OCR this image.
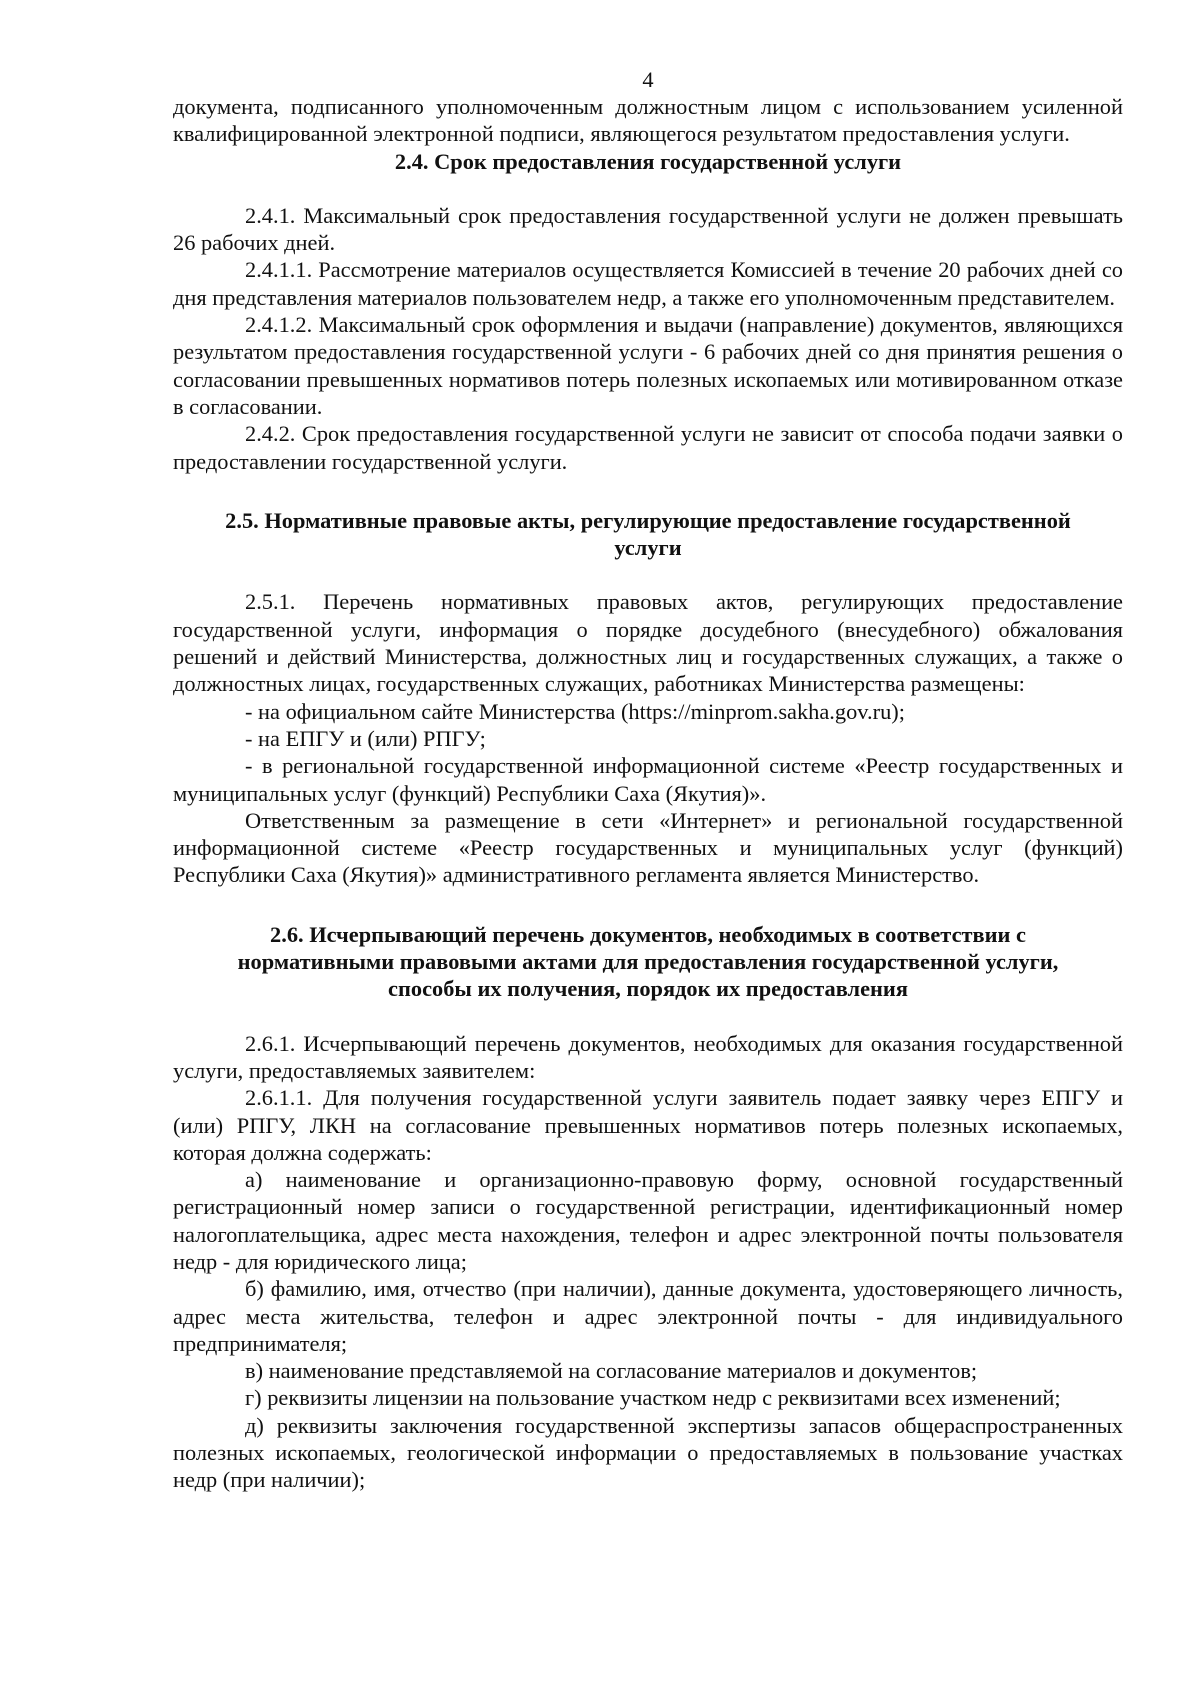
4

документа, подписанного уполномоченным должностным лицом с использованием усиленной квалифицированной электронной подписи, являющегося результатом предоставления услуги.

2.4. Срок предоставления государственной услуги

2.4.1. Максимальный срок предоставления государственной услуги не должен превышать 26 рабочих дней.

2.4.1.1. Рассмотрение материалов осуществляется Комиссией в течение 20 рабочих дней со дня представления материалов пользователем недр, а также его уполномоченным представителем.

2.4.1.2. Максимальный срок оформления и выдачи (направление) документов, являющихся результатом предоставления государственной услуги - 6 рабочих дней со дня принятия решения о согласовании превышенных нормативов потерь полезных ископаемых или мотивированном отказе в согласовании.

2.4.2. Срок предоставления государственной услуги не зависит от способа подачи заявки о предоставлении государственной услуги.

2.5. Нормативные правовые акты, регулирующие предоставление государственной
услуги

2.5.1. Перечень нормативных правовых актов, регулирующих предоставление государственной услуги, информация о порядке досудебного (внесудебного) обжалования решений и действий Министерства, должностных лиц и государственных служащих, а также о должностных лицах, государственных служащих, работниках Министерства размещены:

- на официальном сайте Министерства (https://minprom.sakha.gov.ru);

- на ЕПГУ и (или) РПГУ;

- в региональной государственной информационной системе «Реестр государственных и муниципальных услуг (функций) Республики Саха (Якутия)».

Ответственным за размещение в сети «Интернет» и региональной государственной информационной системе «Реестр государственных и муниципальных услуг (функций) Республики Саха (Якутия)» административного регламента является Министерство.

2.6. Исчерпывающий перечень документов, необходимых в соответствии с
нормативными правовыми актами для предоставления государственной услуги,
способы их получения, порядок их предоставления

2.6.1. Исчерпывающий перечень документов, необходимых для оказания государственной услуги, предоставляемых заявителем:

2.6.1.1. Для получения государственной услуги заявитель подает заявку через ЕПГУ и (или) РПГУ, ЛКН на согласование превышенных нормативов потерь полезных ископаемых, которая должна содержать:

а) наименование и организационно-правовую форму, основной государственный регистрационный номер записи о государственной регистрации, идентификационный номер налогоплательщика, адрес места нахождения, телефон и адрес электронной почты пользователя недр - для юридического лица;

б) фамилию, имя, отчество (при наличии), данные документа, удостоверяющего личность, адрес места жительства, телефон и адрес электронной почты - для индивидуального предпринимателя;

в) наименование представляемой на согласование материалов и документов;

г) реквизиты лицензии на пользование участком недр с реквизитами всех изменений;

д) реквизиты заключения государственной экспертизы запасов общераспространенных полезных ископаемых, геологической информации о предоставляемых в пользование участках недр (при наличии);
